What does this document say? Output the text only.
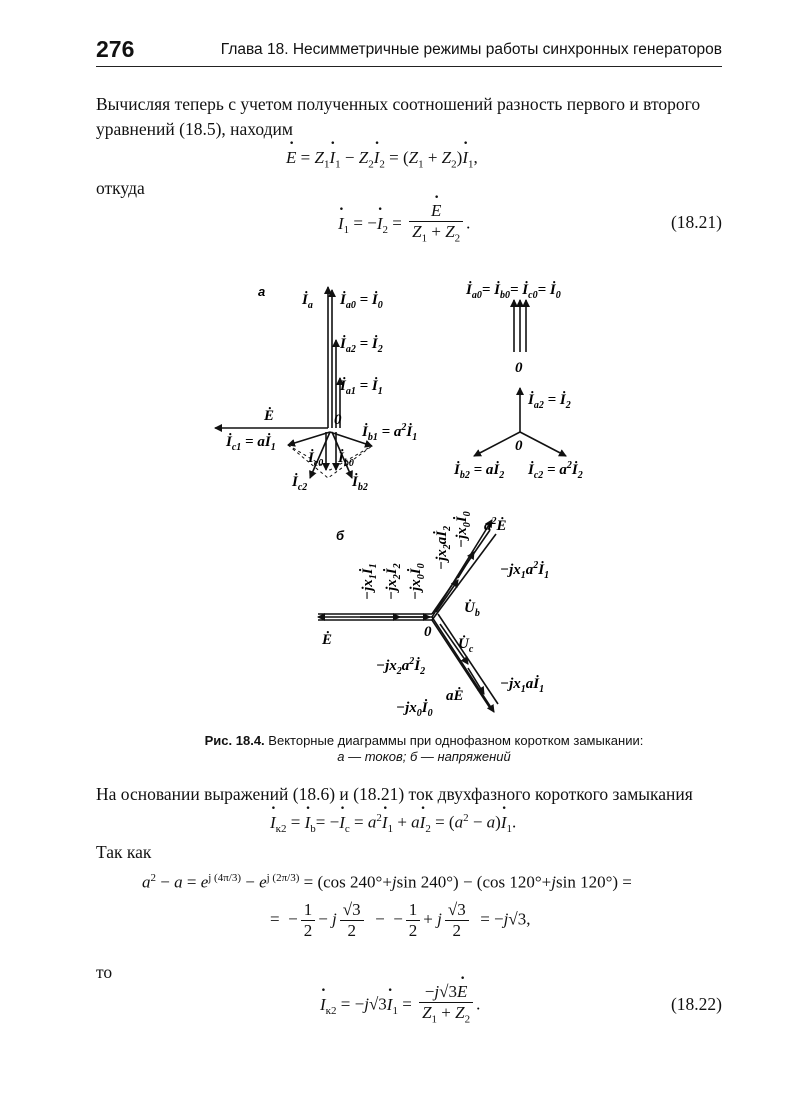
276	Глава 18. Несимметричные режимы работы синхронных генераторов
Вычисляя теперь с учетом полученных соотношений разность первого и второго уравнений (18.5), находим
· $E = Z_1\cdot I_1 - Z_2\cdot I_2 = (Z_1 + Z_2)\cdot I_1$,
откуда
· $I_1$ = −· $I_2$ = · $\frac{E}{Z_1 + Z_2}$ .	(18.21)
а
$İ_a$ $İ_{a0}$ = $İ_0$
$İ_{a2}$ = $İ_2$
$İ_{a1}$ = $İ_1$
Ė	0
$İ_{c1}$ = $aİ_1$
$İ_{b1}$ = $a^2İ_1$
$İ_{c0}$ $İ_{b0}$
$İ_{c2}$	$İ_{b2}$
$İ_{a0}=$ $İ_{b0}=$ $İ_{c0}=$ $İ_0$
0
$İ_{a2}$ = $İ_2$
0
$İ_{b2}$ = $aİ_2$ $İ_{c2}$ = $a^2İ_2$
б
0
Ė
$U̇_b$
$U̇_c$
$a^2Ė$
$-jx_1a^2İ_1$
$-jx_1aİ_1$
$-jx_2a^2İ_2$
aĖ
$-jx_0İ_0$
$-jx_1İ_1$
$-jx_2İ_2$
$-jx_0İ_0$ $-jx_2aİ_2$ $-jx_0İ_0$
Рис. 18.4. Векторные диаграммы при однофазном коротком замыкании:
а — токов; б — напряжений
На основании выражений (18.6) и (18.21) ток двухфазного короткого замыкания
· $I_{к2}$ = · $I_b= -\cdot I_c = a^2\cdot I_1 + a\cdot I_2 = (a^2 - a)\cdot I_1$.
Так как
$a^2 - a = e^{j (4\pi/3)} - e^{j (2\pi/3)} = (\cos$ 240°+jsin 240°) − (cos 120°+jsin 120°) =
=  − $\frac{1}{2} - j \frac{√3}{2}$ −  − $\frac{1}{2} + j \frac{√3}{2} = -j√3$,
то
· $I_{к2} = -j√3\cdot I_1 = \frac{-j√3\cdot E}{Z_1 + Z_2}$ .	(18.22)
